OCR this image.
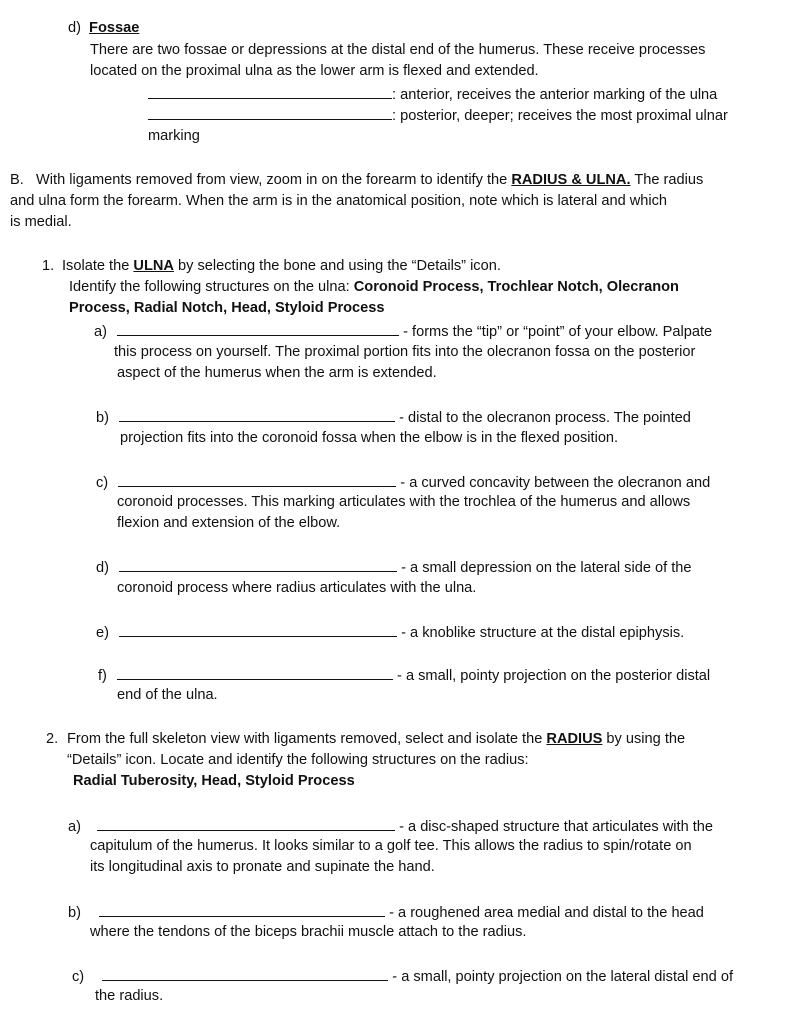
d) Fossae
There are two fossae or depressions at the distal end of the humerus. These receive processes
located on the proximal ulna as the lower arm is flexed and extended.
: anterior, receives the anterior marking of the ulna
: posterior, deeper; receives the most proximal ulnar
marking
B. With ligaments removed from view, zoom in on the forearm to identify the RADIUS & ULNA. The radius
and ulna form the forearm. When the arm is in the anatomical position, note which is lateral and which
is medial.
1. Isolate the ULNA by selecting the bone and using the “Details” icon.
Identify the following structures on the ulna: Coronoid Process, Trochlear Notch, Olecranon
Process, Radial Notch, Head, Styloid Process
a)	- forms the “tip” or “point” of your elbow. Palpate
this process on yourself. The proximal portion fits into the olecranon fossa on the posterior
aspect of the humerus when the arm is extended.
b)	- distal to the olecranon process. The pointed
projection fits into the coronoid fossa when the elbow is in the flexed position.
c)	- a curved concavity between the olecranon and
coronoid processes. This marking articulates with the trochlea of the humerus and allows
flexion and extension of the elbow.
d)	- a small depression on the lateral side of the
coronoid process where radius articulates with the ulna.
e)	- a knoblike structure at the distal epiphysis.
f)	- a small, pointy projection on the posterior distal
end of the ulna.
2. From the full skeleton view with ligaments removed, select and isolate the RADIUS by using the
“Details” icon. Locate and identify the following structures on the radius:
Radial Tuberosity, Head, Styloid Process
a)	- a disc-shaped structure that articulates with the
capitulum of the humerus. It looks similar to a golf tee. This allows the radius to spin/rotate on
its longitudinal axis to pronate and supinate the hand.
b)	- a roughened area medial and distal to the head
where the tendons of the biceps brachii muscle attach to the radius.
c)	- a small, pointy projection on the lateral distal end of
the radius.
